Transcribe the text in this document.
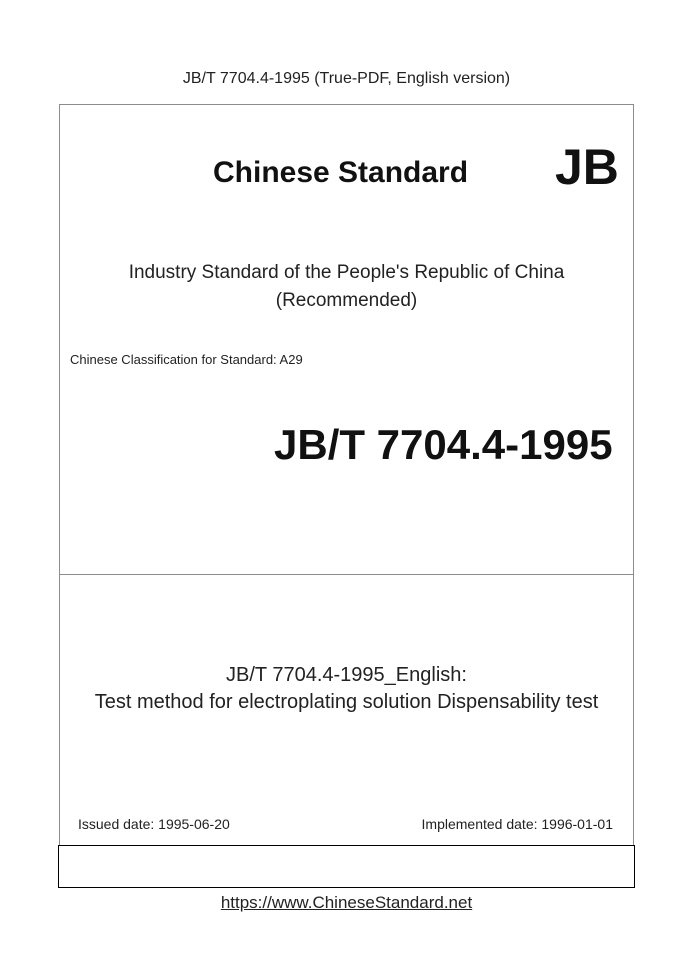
JB/T 7704.4-1995 (True-PDF, English version)
Chinese Standard JB
Industry Standard of the People's Republic of China
(Recommended)
Chinese Classification for Standard: A29
JB/T 7704.4-1995
JB/T 7704.4-1995_English:
Test method for electroplating solution Dispensability test
Issued date: 1995-06-20	Implemented date: 1996-01-01
https://www.ChineseStandard.net
